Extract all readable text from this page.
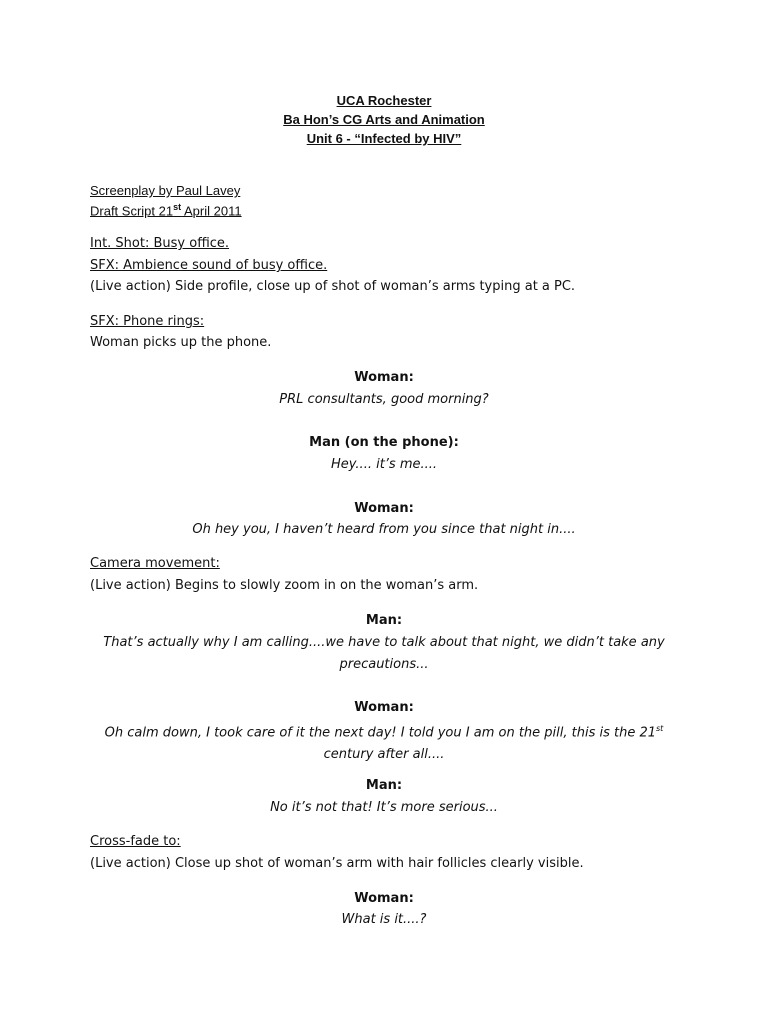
UCA Rochester
Ba Hon’s CG Arts and Animation
Unit 6 - “Infected by HIV”
Screenplay by Paul Lavey
Draft Script 21st April 2011
Int. Shot: Busy office.
SFX: Ambience sound of busy office.
(Live action) Side profile, close up of shot of woman’s arms typing at a PC.
SFX: Phone rings:
Woman picks up the phone.
Woman:
PRL consultants, good morning?
Man (on the phone):
Hey.... it’s me....
Woman:
Oh hey you, I haven’t heard from you since that night in....
Camera movement:
(Live action) Begins to slowly zoom in on the woman’s arm.
Man:
That’s actually why I am calling....we have to talk about that night, we didn’t take any precautions...
Woman:
Oh calm down, I took care of it the next day! I told you I am on the pill, this is the 21st century after all....
Man:
No it’s not that! It’s more serious...
Cross-fade to:
(Live action) Close up shot of woman’s arm with hair follicles clearly visible.
Woman:
What is it....?
